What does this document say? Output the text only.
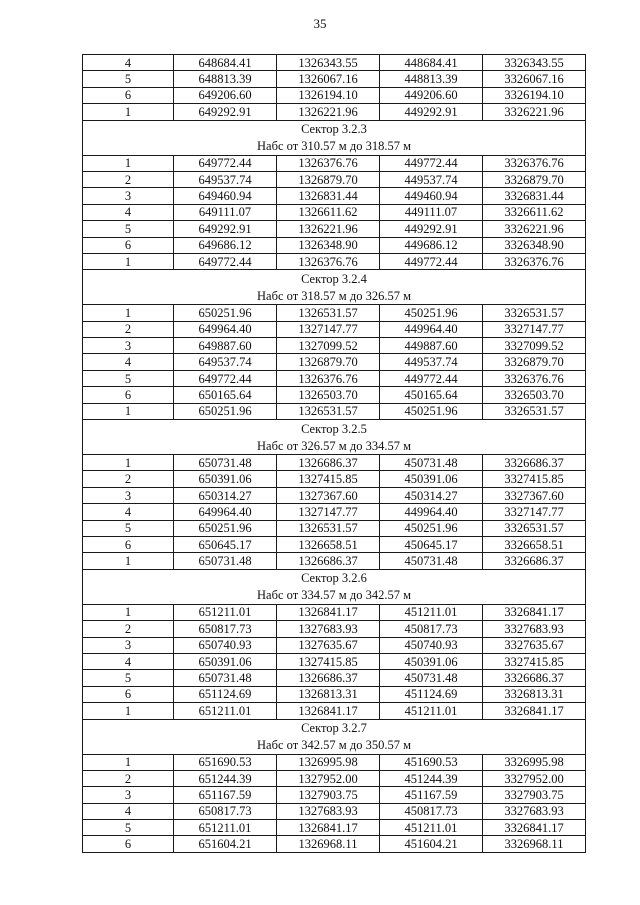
35
4	648684.41	1326343.55	448684.41	3326343.55
5	648813.39	1326067.16	448813.39	3326067.16
6	649206.60	1326194.10	449206.60	3326194.10
1	649292.91	1326221.96	449292.91	3326221.96
Сектор 3.2.3				
Набс от 310.57 м до 318.57 м				
1	649772.44	1326376.76	449772.44	3326376.76
2	649537.74	1326879.70	449537.74	3326879.70
3	649460.94	1326831.44	449460.94	3326831.44
4	649111.07	1326611.62	449111.07	3326611.62
5	649292.91	1326221.96	449292.91	3326221.96
6	649686.12	1326348.90	449686.12	3326348.90
1	649772.44	1326376.76	449772.44	3326376.76
Сектор 3.2.4				
Набс от 318.57 м до 326.57 м				
1	650251.96	1326531.57	450251.96	3326531.57
2	649964.40	1327147.77	449964.40	3327147.77
3	649887.60	1327099.52	449887.60	3327099.52
4	649537.74	1326879.70	449537.74	3326879.70
5	649772.44	1326376.76	449772.44	3326376.76
6	650165.64	1326503.70	450165.64	3326503.70
1	650251.96	1326531.57	450251.96	3326531.57
Сектор 3.2.5				
Набс от 326.57 м до 334.57 м				
1	650731.48	1326686.37	450731.48	3326686.37
2	650391.06	1327415.85	450391.06	3327415.85
3	650314.27	1327367.60	450314.27	3327367.60
4	649964.40	1327147.77	449964.40	3327147.77
5	650251.96	1326531.57	450251.96	3326531.57
6	650645.17	1326658.51	450645.17	3326658.51
1	650731.48	1326686.37	450731.48	3326686.37
Сектор 3.2.6				
Набс от 334.57 м до 342.57 м				
1	651211.01	1326841.17	451211.01	3326841.17
2	650817.73	1327683.93	450817.73	3327683.93
3	650740.93	1327635.67	450740.93	3327635.67
4	650391.06	1327415.85	450391.06	3327415.85
5	650731.48	1326686.37	450731.48	3326686.37
6	651124.69	1326813.31	451124.69	3326813.31
1	651211.01	1326841.17	451211.01	3326841.17
Сектор 3.2.7				
Набс от 342.57 м до 350.57 м				
1	651690.53	1326995.98	451690.53	3326995.98
2	651244.39	1327952.00	451244.39	3327952.00
3	651167.59	1327903.75	451167.59	3327903.75
4	650817.73	1327683.93	450817.73	3327683.93
5	651211.01	1326841.17	451211.01	3326841.17
6	651604.21	1326968.11	451604.21	3326968.11
